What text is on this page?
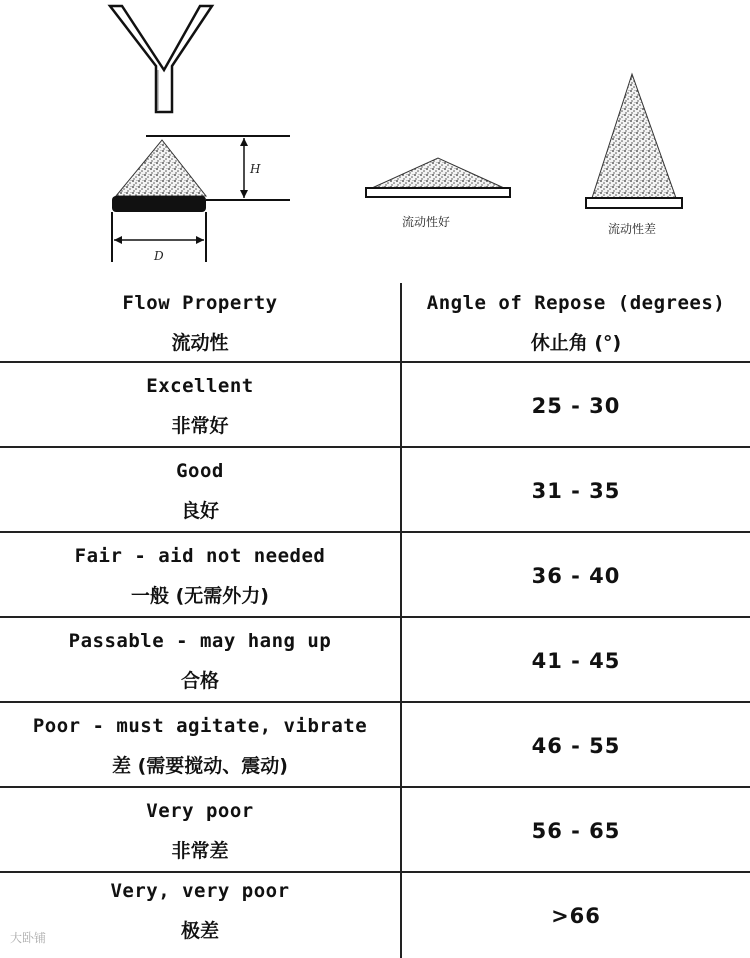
H
D
流动性好	流动性差
Flow Property
流动性
Angle of Repose (degrees)
休止角 (°)
Excellent
非常好
25 - 30
Good
良好
31 - 35
Fair - aid not needed
一般 (无需外力)
36 - 40
Passable - may hang up
合格
41 - 45
Poor - must agitate, vibrate
差 (需要搅动、震动)
46 - 55
Very poor
非常差
56 - 65
Very, very poor
极差
>66
大卧铺
